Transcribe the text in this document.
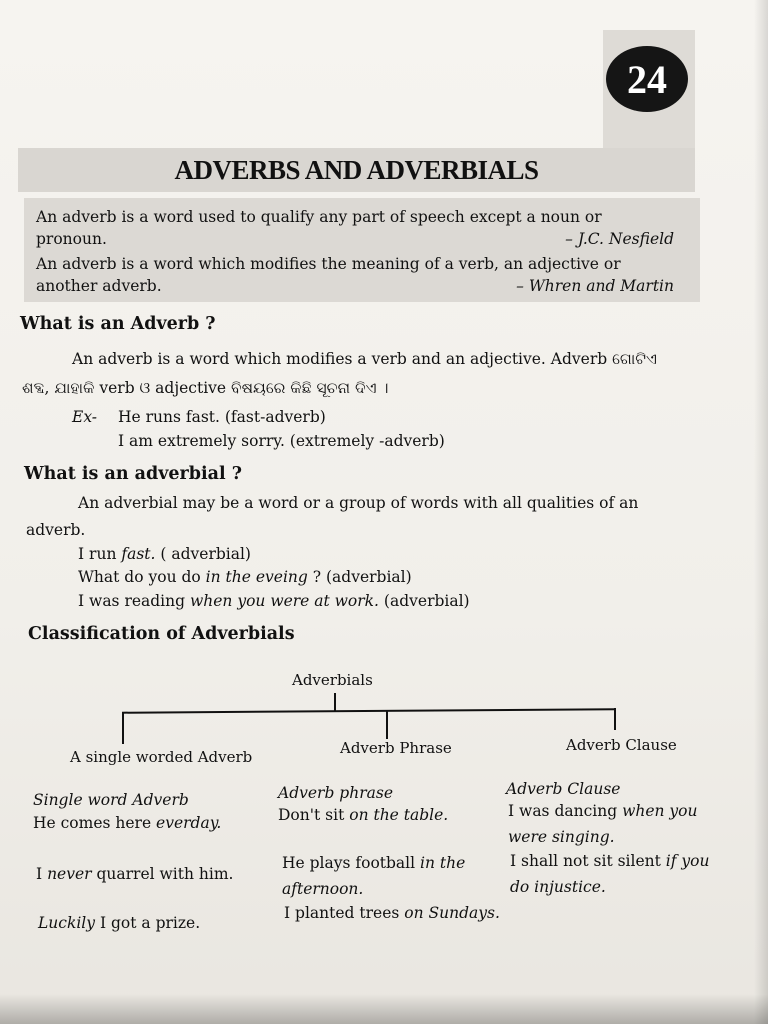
24
ADVERBS AND ADVERBIALS
An adverb is a word used to qualify any part of speech except a noun or
pronoun.	– J.C. Nesfield
An adverb is a word which modifies the meaning of a verb, an adjective or
another adverb.	– Whren and Martin
What is an Adverb ?
An adverb is a word which modifies a verb and an adjective. Adverb ଗୋଟିଏ
ଶବ୍ଦ, ଯାହାକି verb ଓ adjective ବିଷୟରେ କିଛି ସୂଚନା ଦିଏ ।
Ex- He runs fast. (fast-adverb)
I am extremely sorry. (extremely -adverb)
What is an adverbial ?
An adverbial may be a word or a group of words with all qualities of an
adverb.
I run fast. ( adverbial)
What do you do in the eveing ? (adverbial)
I was reading when you were at work. (adverbial)
Classification of Adverbials
Adverbials
A single worded Adverb	Adverb Phrase	Adverb Clause
Single word Adverb
He comes here everday.
I never quarrel with him.
Luckily I got a prize.
Adverb phrase
Don't sit on the table.
He plays football in the
afternoon.
I planted trees on Sundays.
Adverb Clause
I was dancing when you
were singing.
I shall not sit silent if you
do injustice.
